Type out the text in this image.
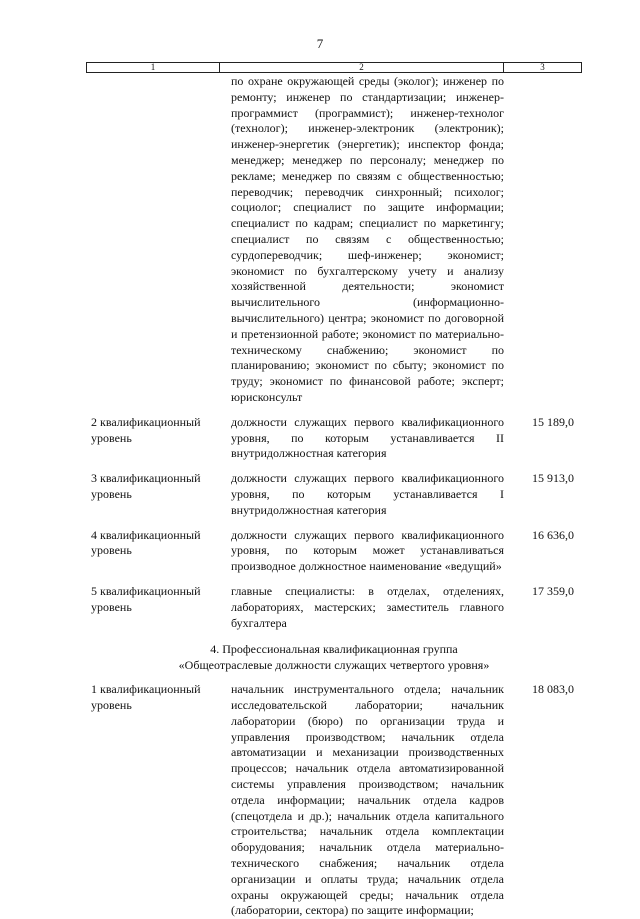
7
1	2	3
по охране окружающей среды (эколог); инженер по ремонту; инженер по стандартизации; инженер-программист (программист); инженер-технолог (технолог); инженер-электроник (электроник); инженер-энергетик (энергетик); инспектор фонда; менеджер; менеджер по персоналу; менеджер по рекламе; менеджер по связям с общественностью; переводчик; переводчик синхронный; психолог; социолог; специалист по защите информации; специалист по кадрам; специалист по маркетингу; специалист по связям с общественностью; сурдопереводчик; шеф-инженер; экономист; экономист по бухгалтерскому учету и анализу хозяйственной деятельности; экономист вычислительного (информационно-вычислительного) центра; экономист по договорной и претензионной работе; экономист по материально-техническому снабжению; экономист по планированию; экономист по сбыту; экономист по труду; экономист по финансовой работе; эксперт; юрисконсульт
2 квалификационный уровень
должности служащих первого квалификационного уровня, по которым устанавливается II внутридолжностная категория
15 189,0
3 квалификационный уровень
должности служащих первого квалификационного уровня, по которым устанавливается I внутридолжностная категория
15 913,0
4 квалификационный уровень
должности служащих первого квалификационного уровня, по которым может устанавливаться производное должностное наименование «ведущий»
16 636,0
5 квалификационный уровень
главные специалисты: в отделах, отделениях, лабораториях, мастерских; заместитель главного бухгалтера
17 359,0
4. Профессиональная квалификационная группа
«Общеотраслевые должности служащих четвертого уровня»
1 квалификационный уровень
начальник инструментального отдела; начальник исследовательской лаборатории; начальник лаборатории (бюро) по организации труда и управления производством; начальник отдела автоматизации и механизации производственных процессов; начальник отдела автоматизированной системы управления производством; начальник отдела информации; начальник отдела кадров (спецотдела и др.); начальник отдела капитального строительства; начальник отдела комплектации оборудования; начальник отдела материально-технического снабжения; начальник отдела организации и оплаты труда; начальник отдела охраны окружающей среды; начальник отдела (лаборатории, сектора) по защите информации;
18 083,0
